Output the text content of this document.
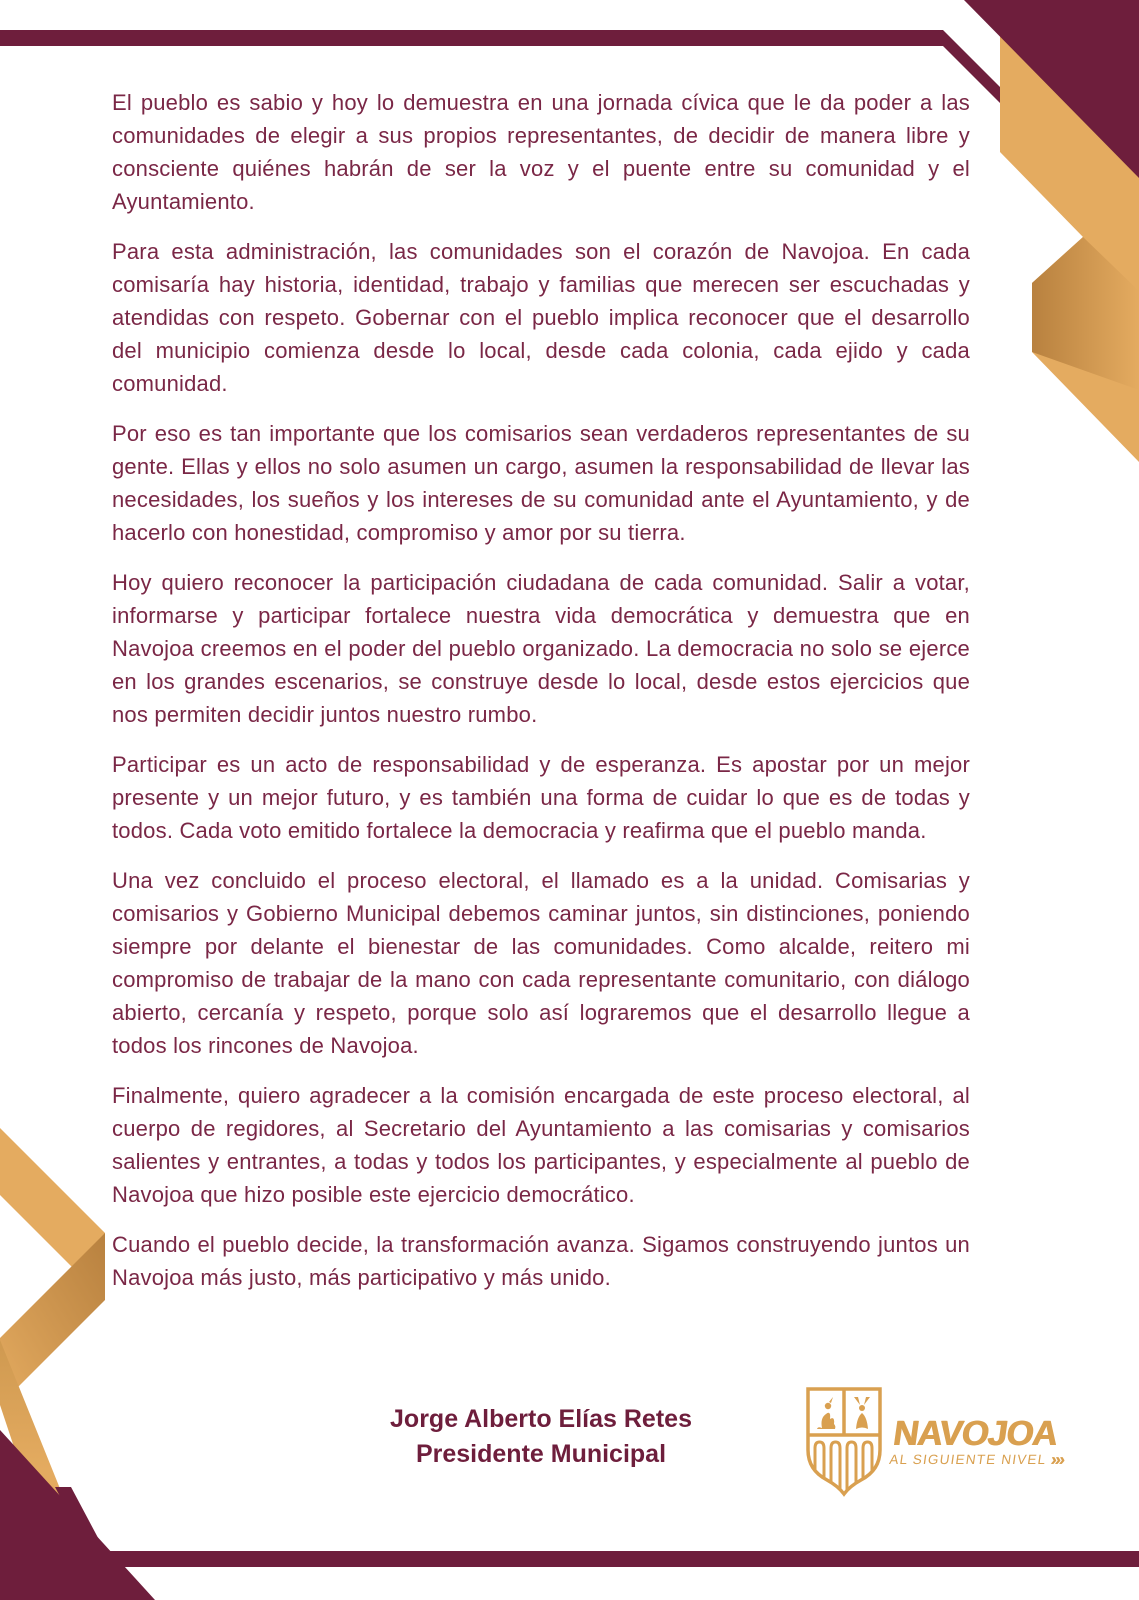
El pueblo es sabio y hoy lo demuestra en una jornada cívica que le da poder a las comunidades de elegir a sus propios representantes, de decidir de manera libre y consciente quiénes habrán de ser la voz y el puente entre su comunidad y el Ayuntamiento.

Para esta administración, las comunidades son el corazón de Navojoa. En cada comisaría hay historia, identidad, trabajo y familias que merecen ser escuchadas y atendidas con respeto. Gobernar con el pueblo implica reconocer que el desarrollo del municipio comienza desde lo local, desde cada colonia, cada ejido y cada comunidad.

Por eso es tan importante que los comisarios sean verdaderos representantes de su gente. Ellas y ellos no solo asumen un cargo, asumen la responsabilidad de llevar las necesidades, los sueños y los intereses de su comunidad ante el Ayuntamiento, y de hacerlo con honestidad, compromiso y amor por su tierra.

Hoy quiero reconocer la participación ciudadana de cada comunidad. Salir a votar, informarse y participar fortalece nuestra vida democrática y demuestra que en Navojoa creemos en el poder del pueblo organizado. La democracia no solo se ejerce en los grandes escenarios, se construye desde lo local, desde estos ejercicios que nos permiten decidir juntos nuestro rumbo.

Participar es un acto de responsabilidad y de esperanza. Es apostar por un mejor presente y un mejor futuro, y es también una forma de cuidar lo que es de todas y todos. Cada voto emitido fortalece la democracia y reafirma que el pueblo manda.

Una vez concluido el proceso electoral, el llamado es a la unidad. Comisarias y comisarios y Gobierno Municipal debemos caminar juntos, sin distinciones, poniendo siempre por delante el bienestar de las comunidades. Como alcalde, reitero mi compromiso de trabajar de la mano con cada representante comunitario, con diálogo abierto, cercanía y respeto, porque solo así lograremos que el desarrollo llegue a todos los rincones de Navojoa.

Finalmente, quiero agradecer a la comisión encargada de este proceso electoral, al cuerpo de regidores, al Secretario del Ayuntamiento a las comisarias y comisarios salientes y entrantes, a todas y todos los participantes, y especialmente al pueblo de Navojoa que hizo posible este ejercicio democrático.

Cuando el pueblo decide, la transformación avanza. Sigamos construyendo juntos un Navojoa más justo, más participativo y más unido.

Jorge Alberto Elías Retes
Presidente Municipal
NAVOJOA
AL SIGUIENTE NIVEL ›››
